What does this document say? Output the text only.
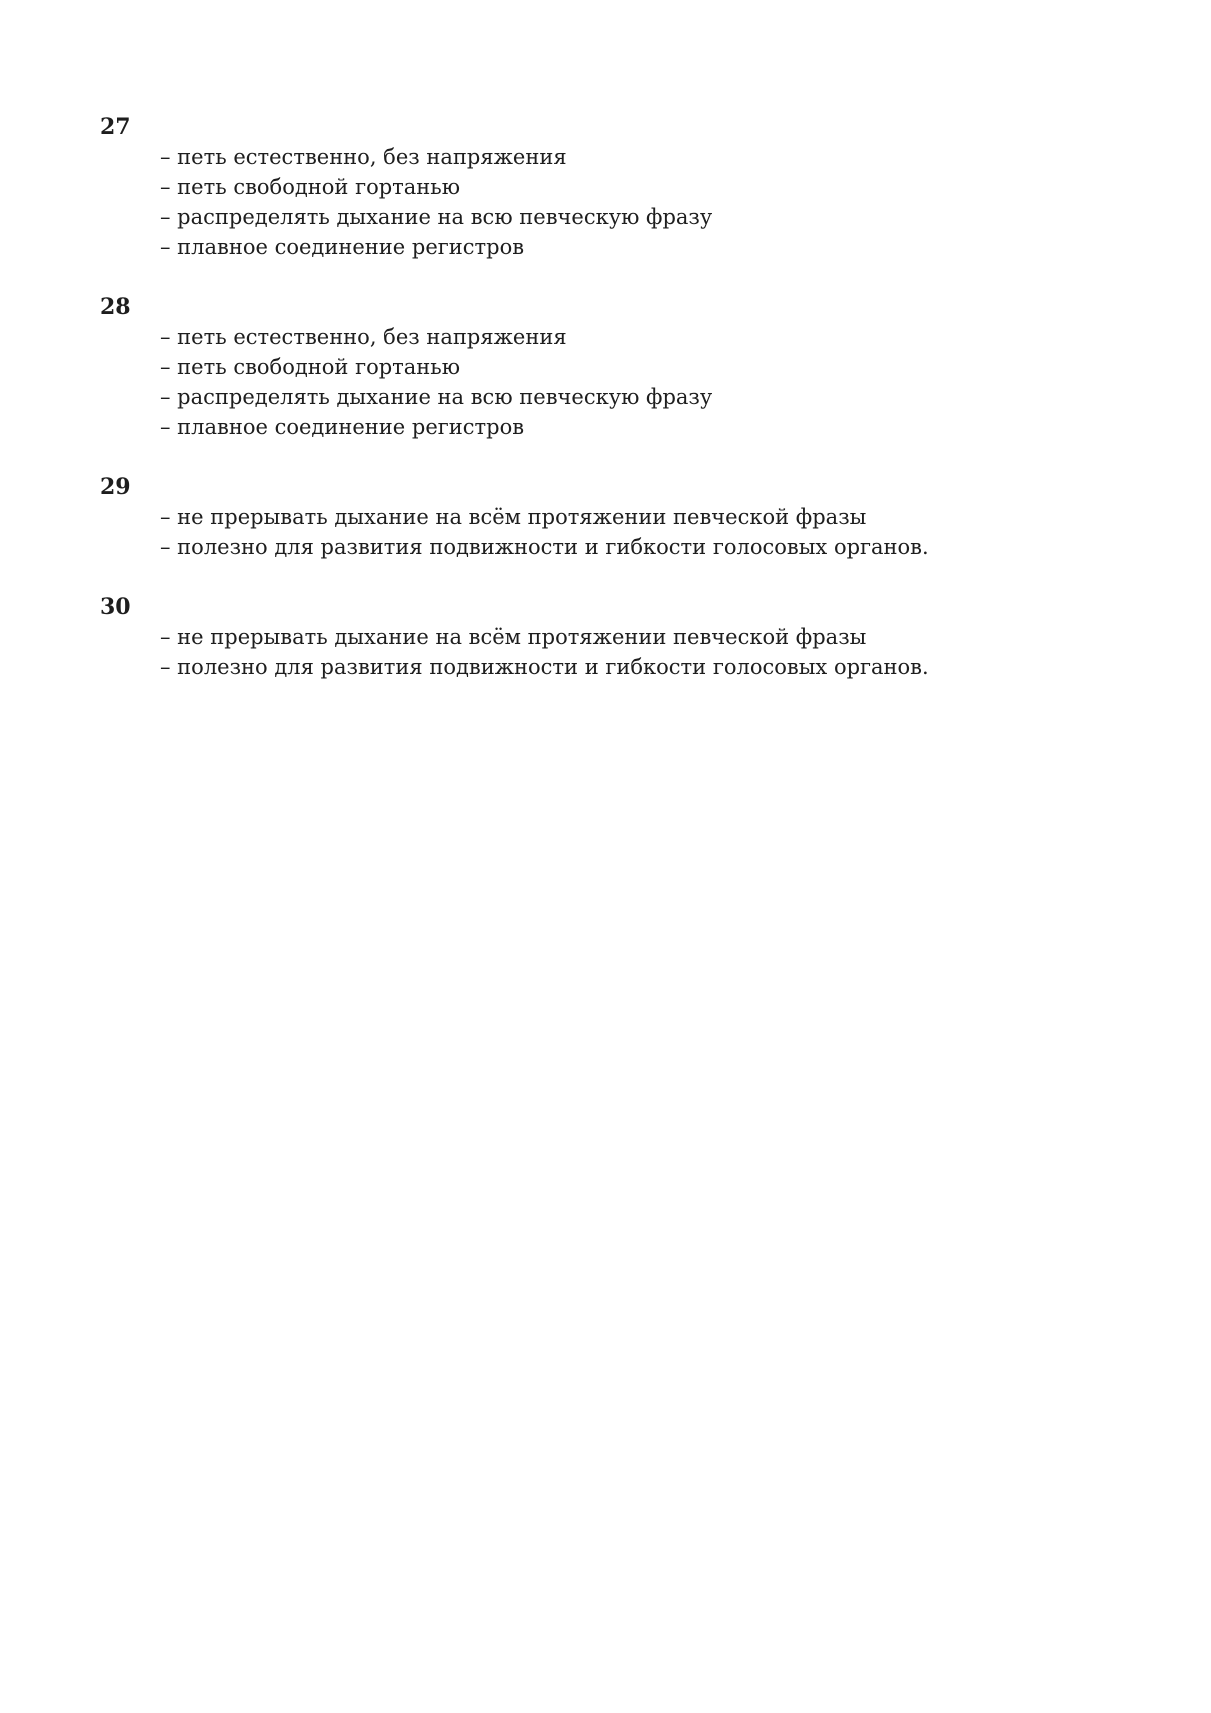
27

– петь естественно, без напряжения
– петь свободной гортанью
– распределять дыхание на всю певческую фразу
– плавное соединение регистров

28

– петь естественно, без напряжения
– петь свободной гортанью
– распределять дыхание на всю певческую фразу
– плавное соединение регистров

29

– не прерывать дыхание на всём протяжении певческой фразы
– полезно для развития подвижности и гибкости голосовых органов.

30

– не прерывать дыхание на всём протяжении певческой фразы
– полезно для развития подвижности и гибкости голосовых органов.
